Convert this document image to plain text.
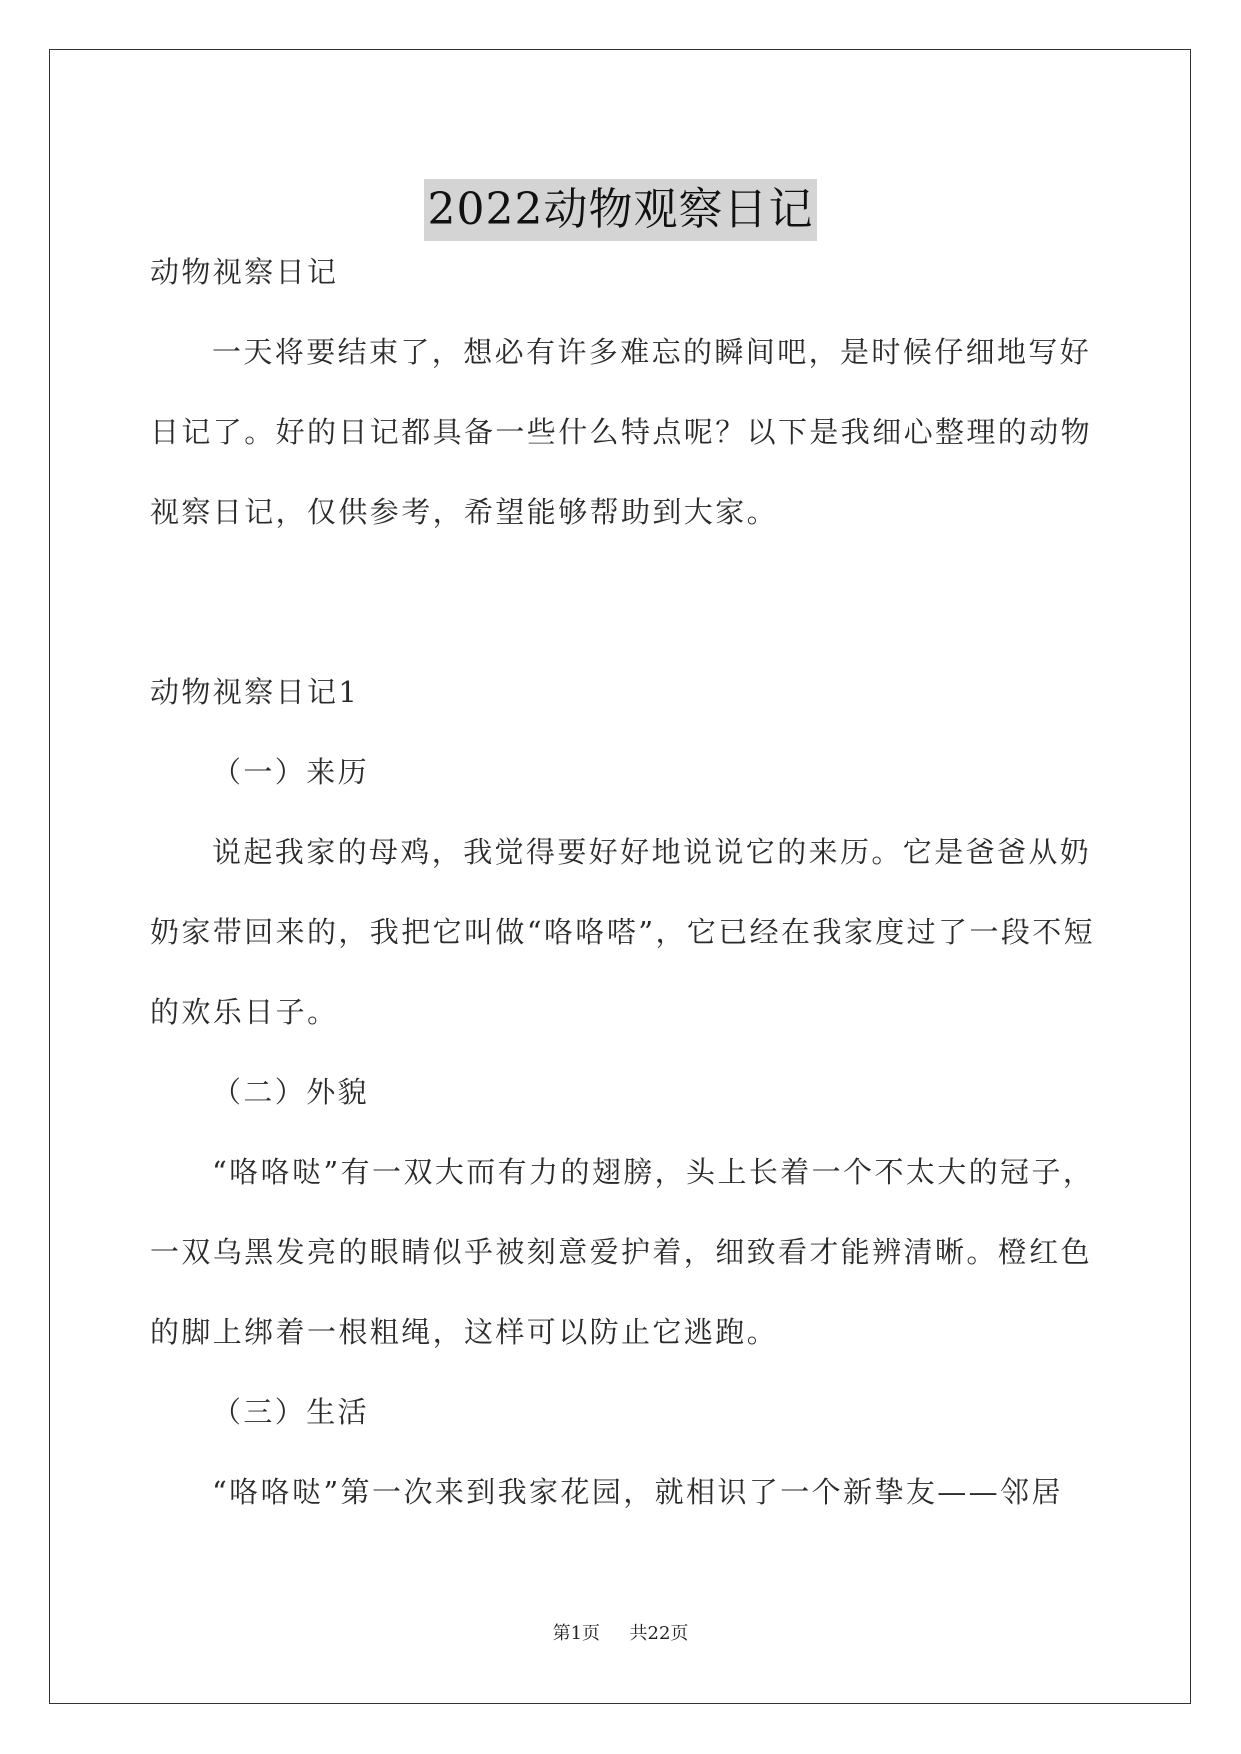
2022动物观察日记
动物视察日记
一天将要结束了，想必有许多难忘的瞬间吧，是时候仔细地写好
日记了。好的日记都具备一些什么特点呢？以下是我细心整理的动物
视察日记，仅供参考，希望能够帮助到大家。
动物视察日记1
（一）来历
说起我家的母鸡，我觉得要好好地说说它的来历。它是爸爸从奶
奶家带回来的，我把它叫做“咯咯嗒”，它已经在我家度过了一段不短
的欢乐日子。
（二）外貌
“咯咯哒”有一双大而有力的翅膀，头上长着一个不太大的冠子，
一双乌黑发亮的眼睛似乎被刻意爱护着，细致看才能辨清晰。橙红色
的脚上绑着一根粗绳，这样可以防止它逃跑。
（三）生活
“咯咯哒”第一次来到我家花园，就相识了一个新挚友——邻居
第1页 共22页
